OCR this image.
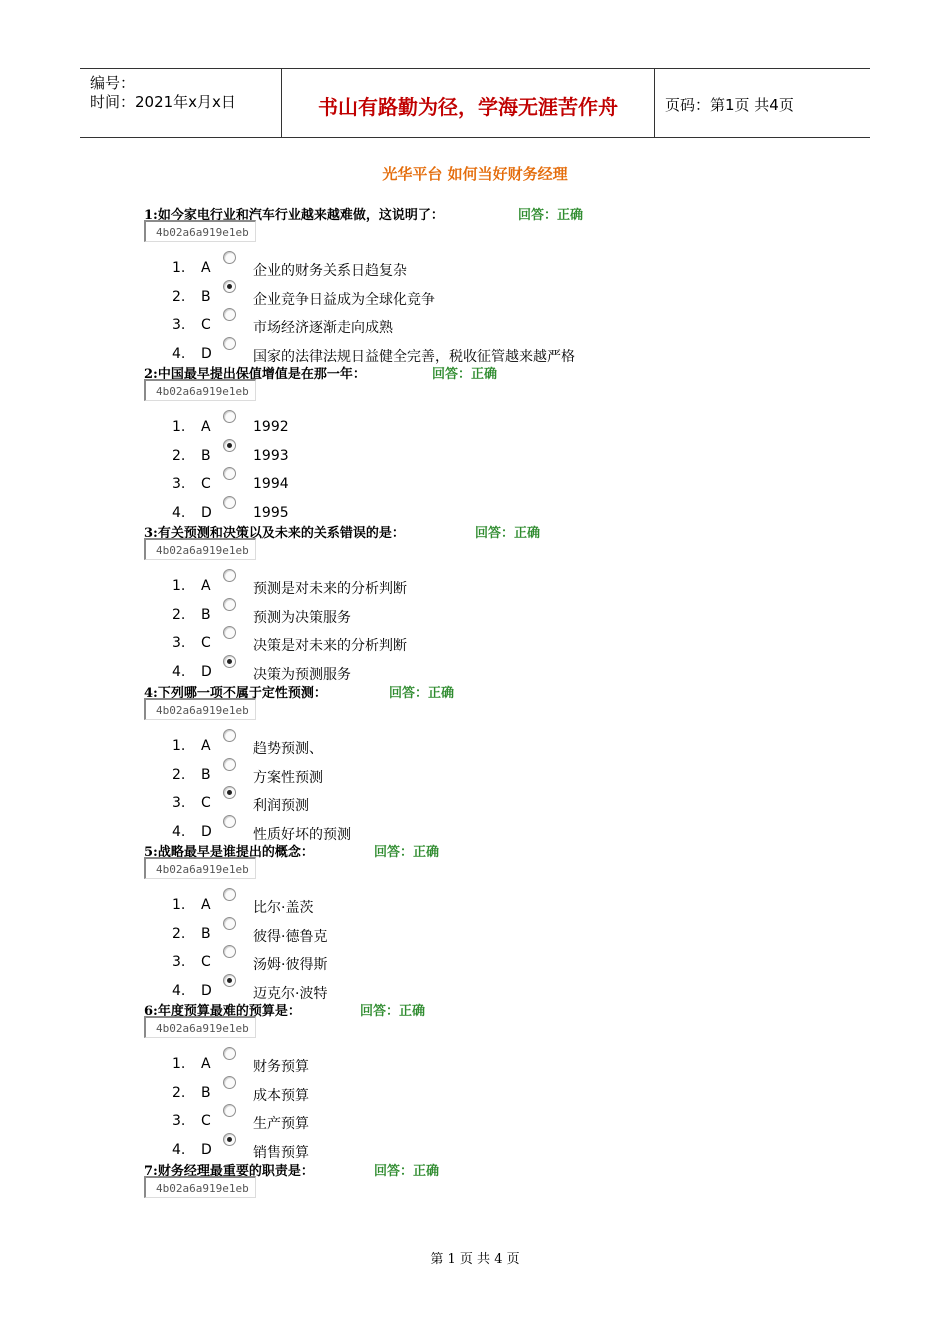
编号：
时间：2021年x月x日	书山有路勤为径，学海无涯苦作舟	页码：第1页 共4页
光华平台 如何当好财务经理
1:如今家电行业和汽车行业越来越难做，这说明了：	回答：正确
4b02a6a919e1eb
1. A	企业的财务关系日趋复杂
2. B	企业竞争日益成为全球化竞争
3. C	市场经济逐渐走向成熟
4. D	国家的法律法规日益健全完善，税收征管越来越严格
2:中国最早提出保值增值是在那一年：	回答：正确
4b02a6a919e1eb
1. A	1992
2. B	1993
3. C	1994
4. D	1995
3:有关预测和决策以及未来的关系错误的是：	回答：正确
4b02a6a919e1eb
1. A	预测是对未来的分析判断
2. B	预测为决策服务
3. C	决策是对未来的分析判断
4. D	决策为预测服务
4:下列哪一项不属于定性预测：	回答：正确
4b02a6a919e1eb
1. A	趋势预测、
2. B	方案性预测
3. C	利润预测
4. D	性质好坏的预测
5:战略最早是谁提出的概念：	回答：正确
4b02a6a919e1eb
1. A	比尔·盖茨
2. B	彼得·德鲁克
3. C	汤姆·彼得斯
4. D	迈克尔·波特
6:年度预算最难的预算是：	回答：正确
4b02a6a919e1eb
1. A	财务预算
2. B	成本预算
3. C	生产预算
4. D	销售预算
7:财务经理最重要的职责是：	回答：正确
4b02a6a919e1eb
第 1 页 共 4 页
